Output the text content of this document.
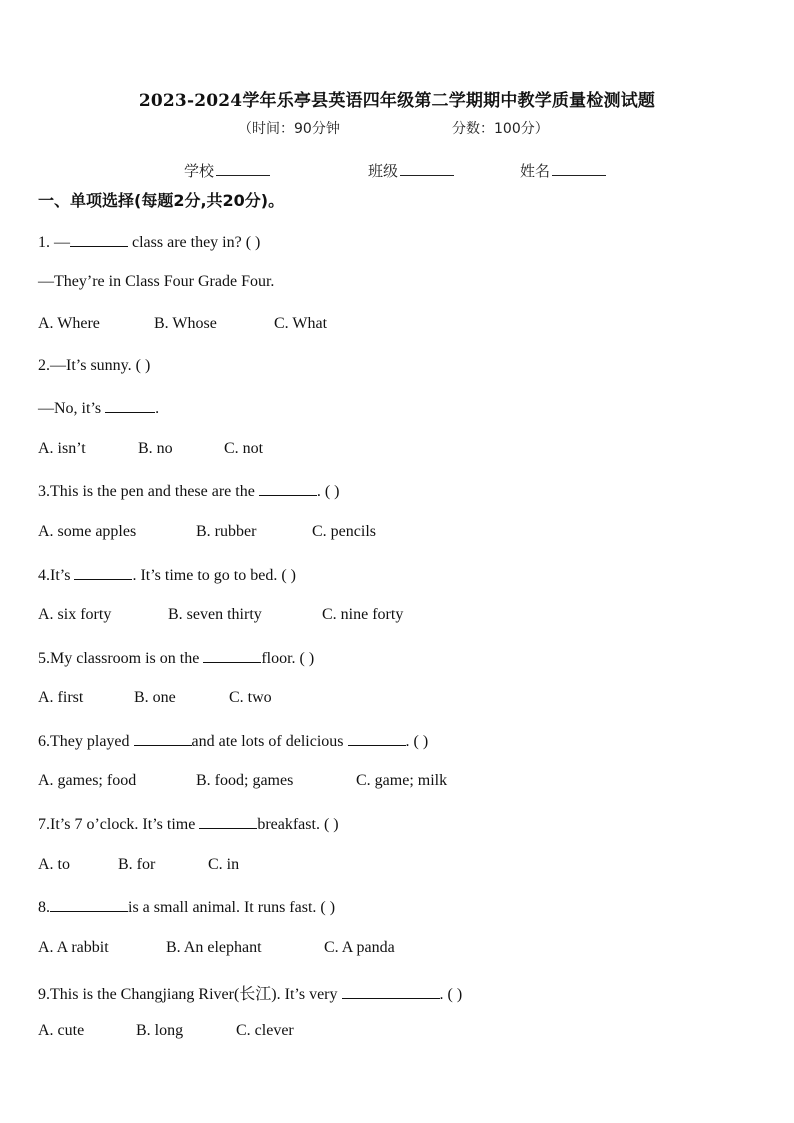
2023-2024学年乐亭县英语四年级第二学期期中教学质量检测试题
（时间：90分钟	分数：100分）
学校	班级	姓名
一、单项选择(每题2分,共20分)。
1. —	class are they in? ( )
—They’re in Class Four Grade Four.
A. Where	B. Whose	C. What
2.—It’s sunny. ( )
—No, it’s	.
A. isn’t	B. no	C. not
3.This is the pen and these are the	. ( )
A. some apples	B. rubber	C. pencils
4.It’s	. It’s time to go to bed. ( )
A. six forty	B. seven thirty	C. nine forty
5.My classroom is on the	floor. ( )
A. first	B. one	C. two
6.They played	and ate lots of delicious	. ( )
A. games; food	B. food; games	C. game; milk
7.It’s 7 o’clock. It’s time	breakfast. ( )
A. to	B. for	C. in
8.	is a small animal. It runs fast. ( )
A. A rabbit	B. An elephant	C. A panda
9.This is the Changjiang River(长江). It’s very	. ( )
A. cute	B. long	C. clever
